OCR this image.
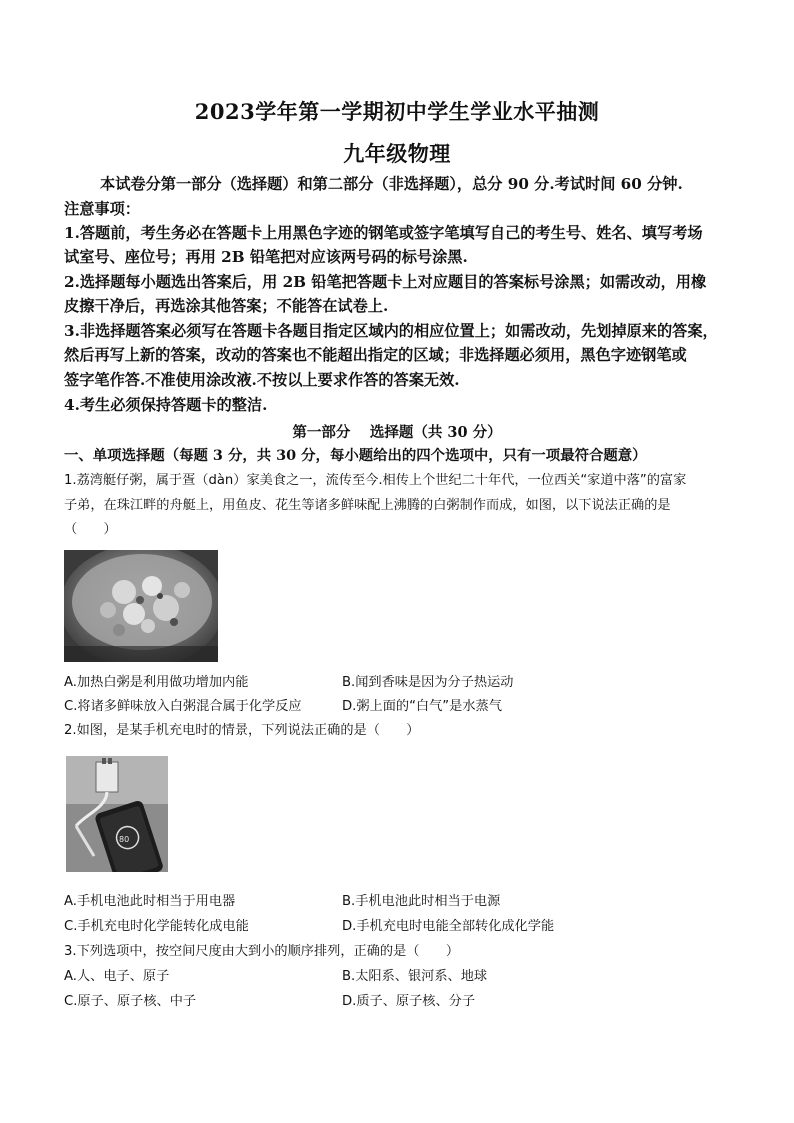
2023学年第一学期初中学生学业水平抽测
九年级物理
本试卷分第一部分（选择题）和第二部分（非选择题），总分 90 分.考试时间 60 分钟.
注意事项：
1.答题前，考生务必在答题卡上用黑色字迹的钢笔或签字笔填写自己的考生号、姓名、填写考场
试室号、座位号；再用 2B 铅笔把对应该两号码的标号涂黑.
2.选择题每小题选出答案后，用 2B 铅笔把答题卡上对应题目的答案标号涂黑；如需改动，用橡
皮擦干净后，再选涂其他答案；不能答在试卷上.
3.非选择题答案必须写在答题卡各题目指定区域内的相应位置上；如需改动，先划掉原来的答案，
然后再写上新的答案，改动的答案也不能超出指定的区域；非选择题必须用，黑色字迹钢笔或
签字笔作答.不准使用涂改液.不按以上要求作答的答案无效.
4.考生必须保持答题卡的整洁.
第一部分　 选择题（共 30 分）
一、单项选择题（每题 3 分，共 30 分，每小题给出的四个选项中，只有一项最符合题意）
1.荔湾艇仔粥，属于疍（dàn）家美食之一，流传至今.相传上个世纪二十年代，一位西关“家道中落”的富家
子弟，在珠江畔的舟艇上，用鱼皮、花生等诸多鲜味配上沸腾的白粥制作而成，如图，以下说法正确的是
（　　）
A.加热白粥是利用做功增加内能	B.闻到香味是因为分子热运动
C.将诸多鲜味放入白粥混合属于化学反应	D.粥上面的“白气”是水蒸气
2.如图，是某手机充电时的情景，下列说法正确的是（　　）
80
A.手机电池此时相当于用电器	B.手机电池此时相当于电源
C.手机充电时化学能转化成电能	D.手机充电时电能全部转化成化学能
3.下列选项中，按空间尺度由大到小的顺序排列，正确的是（　　）
A.人、电子、原子	B.太阳系、银河系、地球
C.原子、原子核、中子	D.质子、原子核、分子
